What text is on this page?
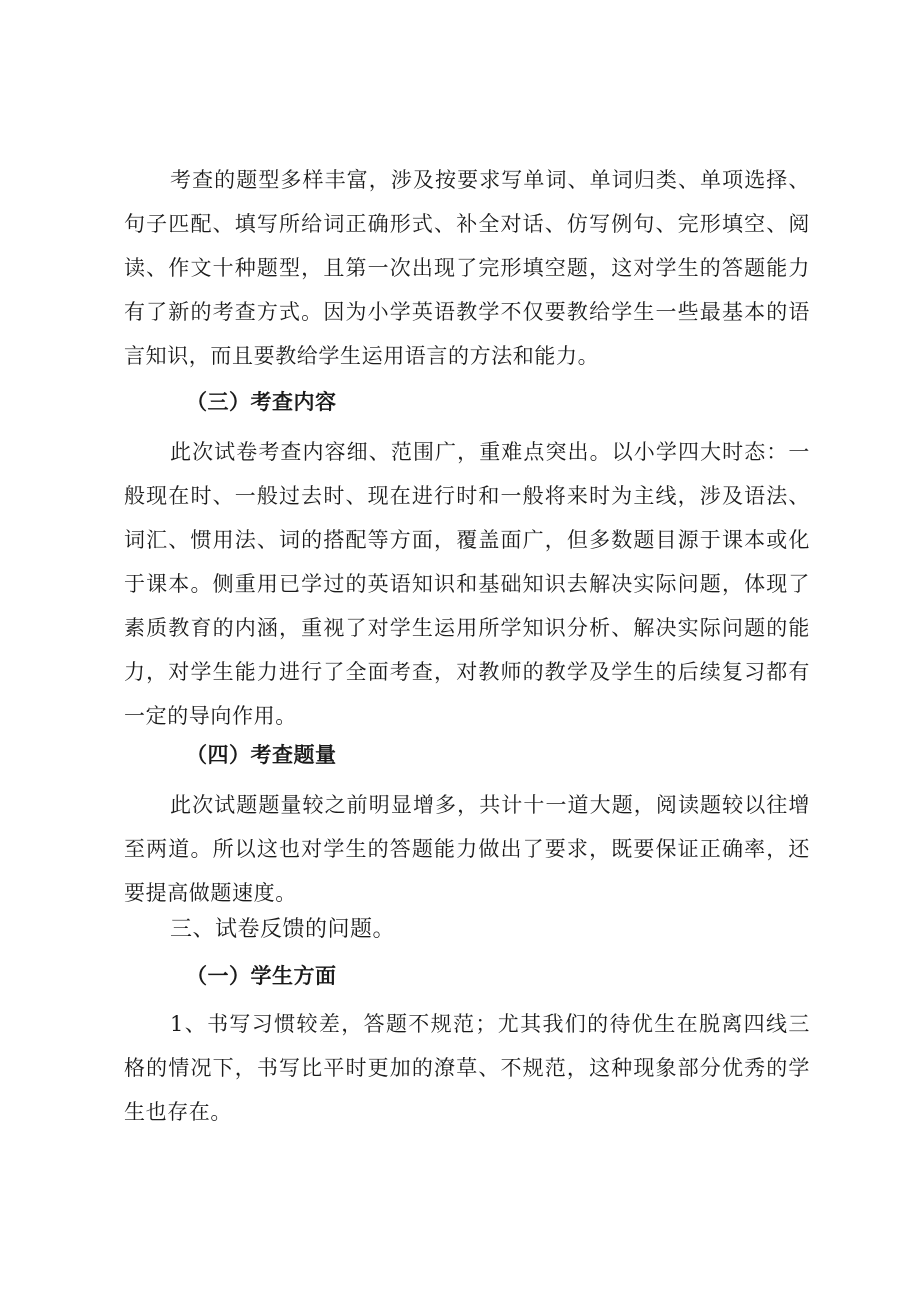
考查的题型多样丰富，涉及按要求写单词、单词归类、单项选择、句子匹配、填写所给词正确形式、补全对话、仿写例句、完形填空、阅读、作文十种题型，且第一次出现了完形填空题，这对学生的答题能力有了新的考查方式。因为小学英语教学不仅要教给学生一些最基本的语言知识，而且要教给学生运用语言的方法和能力。

（三）考查内容

此次试卷考查内容细、范围广，重难点突出。以小学四大时态：一般现在时、一般过去时、现在进行时和一般将来时为主线，涉及语法、词汇、惯用法、词的搭配等方面，覆盖面广，但多数题目源于课本或化于课本。侧重用已学过的英语知识和基础知识去解决实际问题，体现了素质教育的内涵，重视了对学生运用所学知识分析、解决实际问题的能力，对学生能力进行了全面考查，对教师的教学及学生的后续复习都有一定的导向作用。

（四）考查题量

此次试题题量较之前明显增多，共计十一道大题，阅读题较以往增至两道。所以这也对学生的答题能力做出了要求，既要保证正确率，还要提高做题速度。

三、试卷反馈的问题。

（一）学生方面

1、书写习惯较差，答题不规范；尤其我们的待优生在脱离四线三格的情况下，书写比平时更加的潦草、不规范，这种现象部分优秀的学生也存在。
